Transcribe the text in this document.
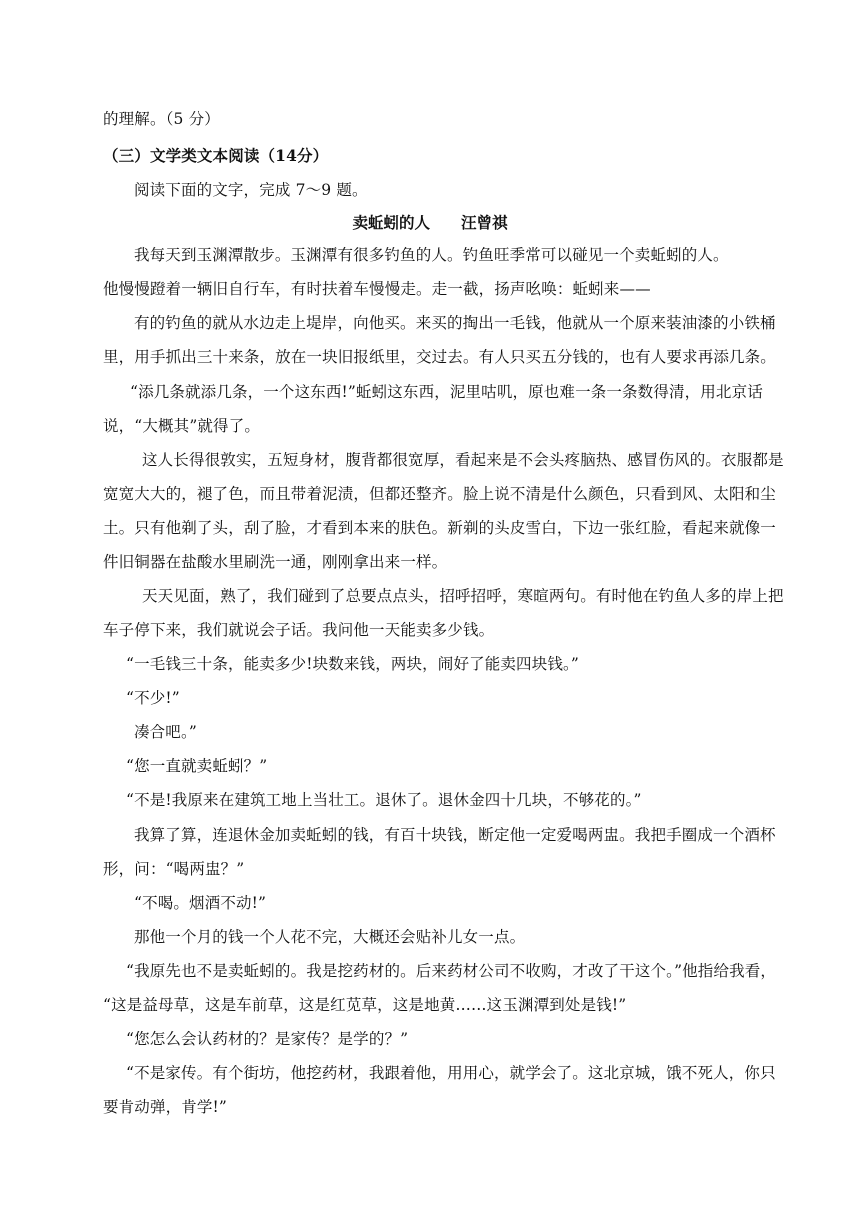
的理解。（5 分）
（三）文学类文本阅读（14分）
阅读下面的文字，完成 7～9 题。
卖蚯蚓的人　　汪曾祺
我每天到玉渊潭散步。玉渊潭有很多钓鱼的人。钓鱼旺季常可以碰见一个卖蚯蚓的人。
他慢慢蹬着一辆旧自行车，有时扶着车慢慢走。走一截，扬声吆唤：蚯蚓来——
有的钓鱼的就从水边走上堤岸，向他买。来买的掏出一毛钱，他就从一个原来装油漆的小铁桶
里，用手抓出三十来条，放在一块旧报纸里，交过去。有人只买五分钱的，也有人要求再添几条。
“添几条就添几条，一个这东西!”蚯蚓这东西，泥里咕叽，原也难一条一条数得清，用北京话
说，“大概其”就得了。
这人长得很敦实，五短身材，腹背都很宽厚，看起来是不会头疼脑热、感冒伤风的。衣服都是
宽宽大大的，褪了色，而且带着泥渍，但都还整齐。脸上说不清是什么颜色，只看到风、太阳和尘
土。只有他剃了头，刮了脸，才看到本来的肤色。新剃的头皮雪白，下边一张红脸，看起来就像一
件旧铜器在盐酸水里刷洗一通，刚刚拿出来一样。
天天见面，熟了，我们碰到了总要点点头，招呼招呼，寒暄两句。有时他在钓鱼人多的岸上把
车子停下来，我们就说会子话。我问他一天能卖多少钱。
“一毛钱三十条，能卖多少!块数来钱，两块，闹好了能卖四块钱。”
“不少!”
凑合吧。”
“您一直就卖蚯蚓？”
“不是!我原来在建筑工地上当壮工。退休了。退休金四十几块，不够花的。”
我算了算，连退休金加卖蚯蚓的钱，有百十块钱，断定他一定爱喝两盅。我把手圈成一个酒杯
形，问：“喝两盅？”
“不喝。烟酒不动!”
那他一个月的钱一个人花不完，大概还会贴补儿女一点。
“我原先也不是卖蚯蚓的。我是挖药材的。后来药材公司不收购，才改了干这个。”他指给我看，
“这是益母草，这是车前草，这是红苋草，这是地黄……这玉渊潭到处是钱!”
“您怎么会认药材的？是家传？是学的？”
“不是家传。有个街坊，他挖药材，我跟着他，用用心，就学会了。这北京城，饿不死人，你只
要肯动弹，肯学!”
